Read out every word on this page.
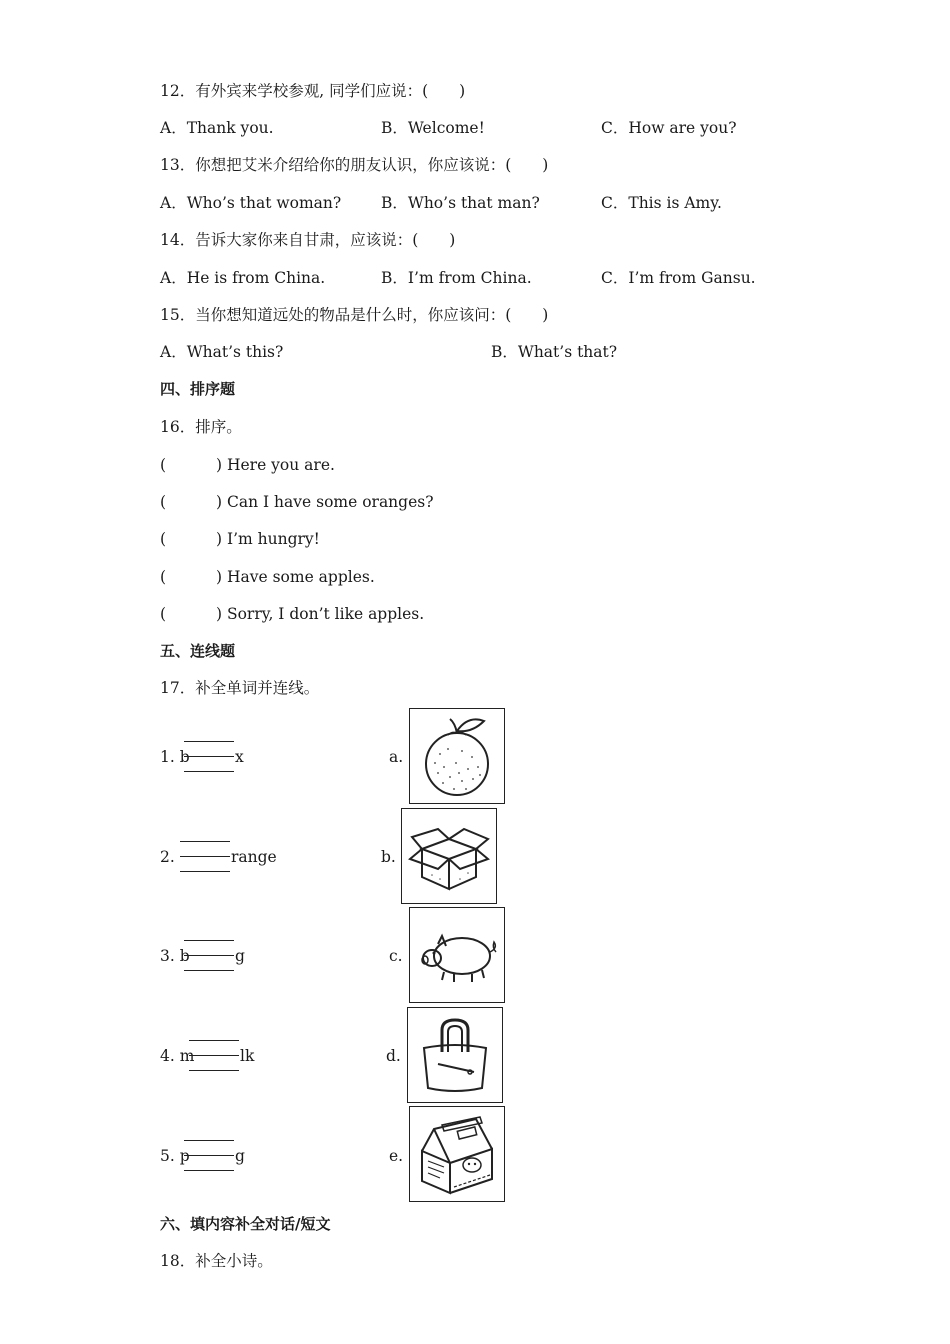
12．有外宾来学校参观, 同学们应说：(　　)
A．Thank you.	B．Welcome!	C．How are you?
13．你想把艾米介绍给你的朋友认识，你应该说：(　　)
A．Who’s that woman?	B．Who’s that man?	C．This is Amy.
14．告诉大家你来自甘肃，应该说：(　　)
A．He is from China.	B．I’m from China.	C．I’m from Gansu.
15．当你想知道远处的物品是什么时，你应该问：(　　)
A．What’s this?	B．What’s that?
四、排序题
16．排序。
(	) Here you are.
(	) Can I have some oranges?
(	) I’m hungry!
(	) Have some apples.
(	) Sorry, I don’t like apples.
五、连线题
17．补全单词并连线。
1. b	x	a.
2.	range	b.
3. b	g	c.
4. m	lk	d.
5. p	g	e.
六、填内容补全对话/短文
18．补全小诗。
